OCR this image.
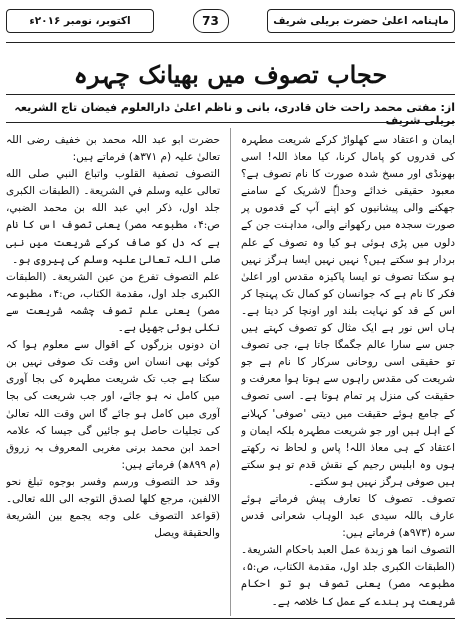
ماہنامہ اعلیٰ حضرت بریلی شریف
73
اکتوبر، نومبر ۲۰۱۶ء
حجاب تصوف میں بھیانک چہرہ
از: مفتی محمد راحت خان قادری، بانی و ناظم اعلیٰ دارالعلوم فیضان تاج الشریعہ بریلی شریف

ایمان و اعتقاد سے کھلواڑ کرکے شریعت مطہرہ کی قدروں کو پامال کرنا، کیا معاذ اللہ! اسی بھونڈی اور مسخ شدہ صورت کا نام تصوف ہے؟ معبود حقیقی خدائے وحدہٗ لاشریک کے سامنے جھکنے والی پیشانیوں کو اپنے آپ کے قدموں پر صورت سجدہ میں رکھوانے والی، مداہنت جن کے دلوں میں پڑی ہوئی ہو کیا وہ تصوف کے علم بردار ہو سکتے ہیں؟ نہیں نہیں ایسا ہرگز نہیں ہو سکتا تصوف تو ایسا پاکیزہ مقدس اور اعلیٰ فکر کا نام ہے کہ جوانسان کو کمال تک پہنچا کر اس کے قد کو نہایت بلند اور اونچا کر دیتا ہے۔ ہاں اس نور ہے ایک مثال کو تصوف کہتے ہیں جس سے سارا عالم جگمگا جاتا ہے، جی تصوف تو حقیقی اسی روحانی سرکار کا نام ہے جو شریعت کی مقدس راہوں سے ہوتا ہوا معرفت و حقیقت کی منزل پر تمام ہوتا ہے۔ اسی تصوف کے جامع ہوئے حقیقت میں دیتی 'صوفی' کہلانے کے اہل ہیں اور جو شریعت مطہرہ بلکہ ایمان و اعتقاد کے ہی معاذ اللہ! پاس و لحاظ نہ رکھتے ہوں وہ ابلیس رجیم کے نقش قدم تو ہو سکتے ہیں صوفی ہرگز نہیں ہو سکتے۔

تصوف۔ تصوف کا تعارف پیش فرماتے ہوئے عارف باللہ سیدی عبد الوہاب شعرانی قدس سرہ (۹۷۳ھ) فرماتے ہیں:

التصوف انما هو زبدة عمل العبد باحكام الشريعة۔ (الطبقات الكبرى جلد اول، مقدمة الكتاب، ص:۵، مطبوعہ مصر) یعنی تصوف ہو تو احکام شریعت پر بندے کے عمل کا خلاصہ ہے۔

حضرت ابو عبد اللہ محمد بن خفیف رضی اللہ تعالیٰ علیہ (م ۳۷۱ھ) فرماتے ہیں:

التصوف تصفية القلوب واتباع النبي صلى الله تعالى عليه وسلم في الشريعة۔ (الطبقات الكبرى جلد اول، ذكر ابي عبد الله بن محمد الضبي، ص:۴، مطبوعہ مصر) یعنی تصوف اس کا نام ہے کہ دل کو صاف کرکے شریعت میں نبی صلی اللہ تعالیٰ علیہ وسلم کی پیروی ہو۔

علم التصوف تفرع من عين الشريعة۔ (الطبقات الكبرى جلد اول، مقدمة الكتاب، ص:۴، مطبوعہ مصر) یعنی علم تصوف چشمہ شریعت سے نکلی ہوئی جھیل ہے۔

ان دونوں بزرگوں کے اقوال سے معلوم ہوا کہ کوئی بھی انسان اس وقت تک صوفی نہیں بن سکتا ہے جب تک شریعت مطہرہ کی بجا آوری میں کامل نہ ہو جائے، اور جب شریعت کی بجا آوری میں کامل ہو جائے گا اس وقت اللہ تعالیٰ کی تجلیات حاصل ہو جائیں گی جیسا کہ علامہ احمد ابن محمد برنی مغربی المعروف بہ زروق (م ۸۹۹ھ) فرماتے ہیں:

وقد حد التصوف ورسم وفسر بوجوه تبلغ نحو الالفين، مرجع كلها لصدق التوجه الى الله تعالى۔ (قواعد التصوف على وجه يجمع بين الشريعة والحقيقة ويصل
